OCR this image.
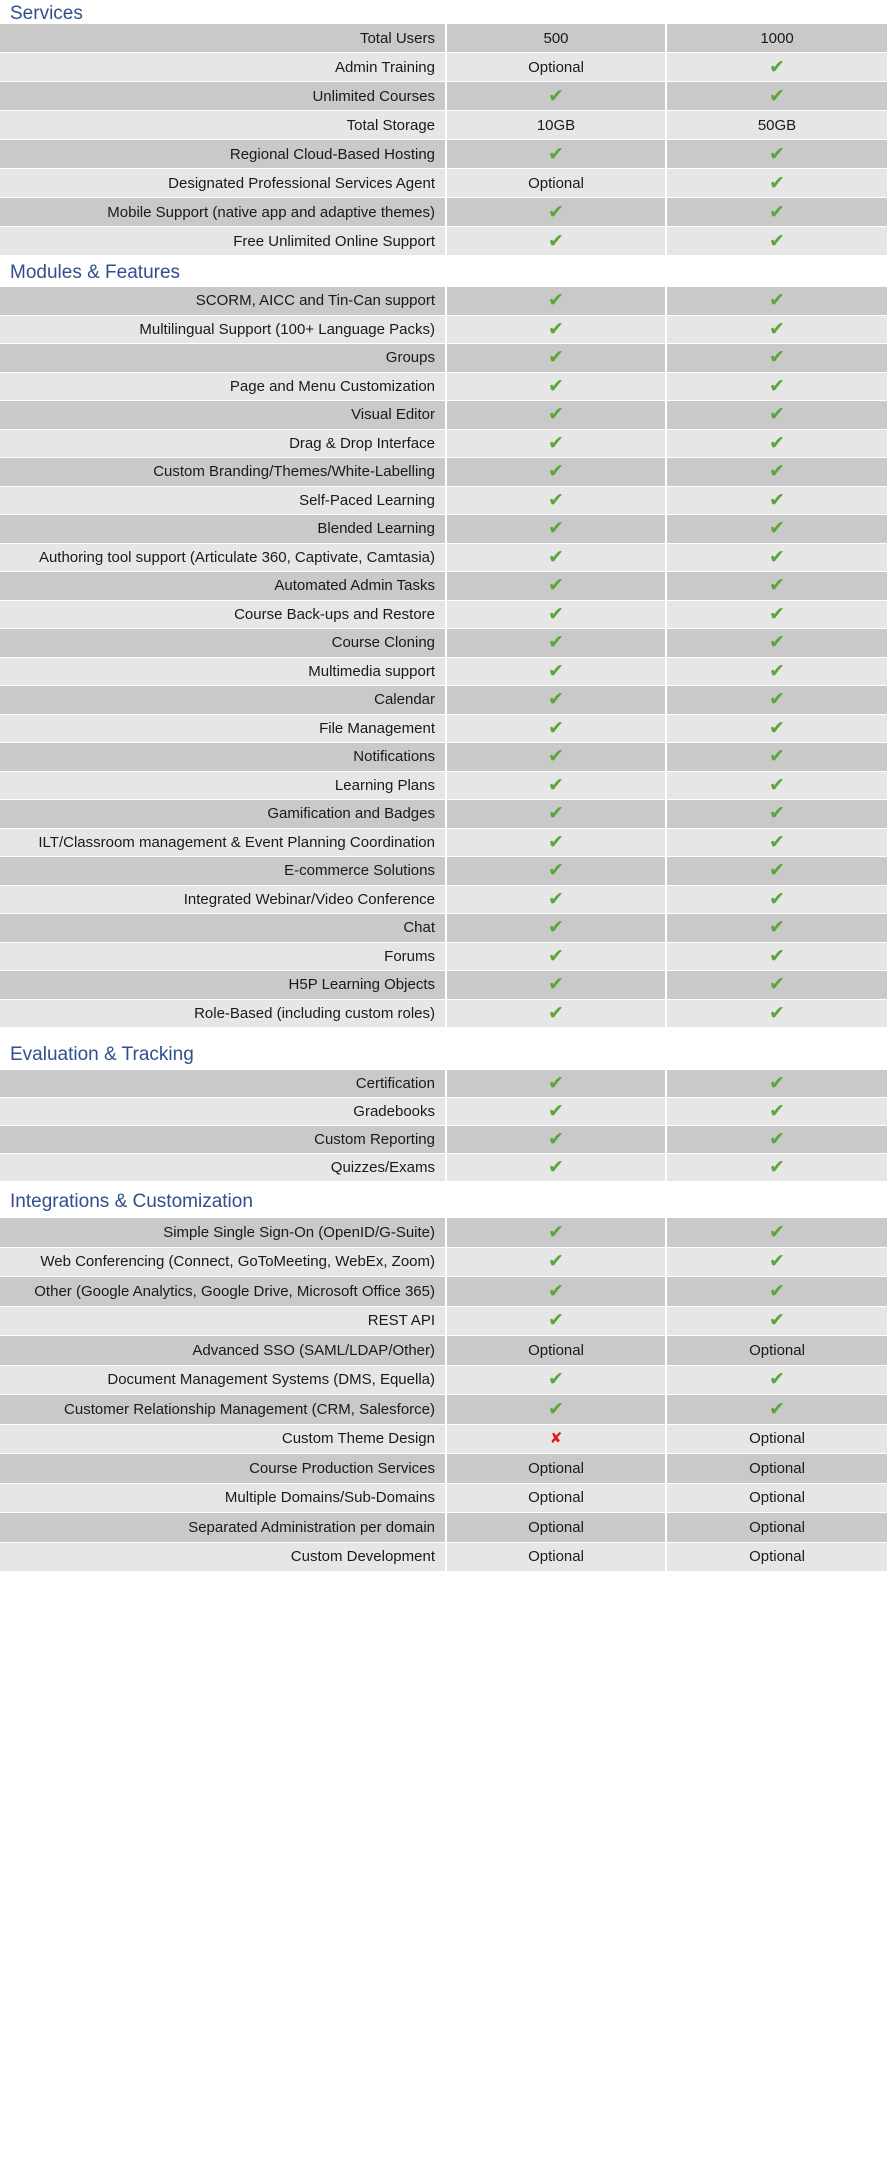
Services
Total Users	500	1000
Admin Training	Optional	✔
Unlimited Courses	✔	✔
Total Storage	10GB	50GB
Regional Cloud-Based Hosting	✔	✔
Designated Professional Services Agent	Optional	✔
Mobile Support (native app and adaptive themes)	✔	✔
Free Unlimited Online Support	✔	✔
Modules & Features
SCORM, AICC and Tin-Can support	✔	✔
Multilingual Support (100+ Language Packs)	✔	✔
Groups	✔	✔
Page and Menu Customization	✔	✔
Visual Editor	✔	✔
Drag & Drop Interface	✔	✔
Custom Branding/Themes/White-Labelling	✔	✔
Self-Paced Learning	✔	✔
Blended Learning	✔	✔
Authoring tool support (Articulate 360, Captivate, Camtasia)	✔	✔
Automated Admin Tasks	✔	✔
Course Back-ups and Restore	✔	✔
Course Cloning	✔	✔
Multimedia support	✔	✔
Calendar	✔	✔
File Management	✔	✔
Notifications	✔	✔
Learning Plans	✔	✔
Gamification and Badges	✔	✔
ILT/Classroom management & Event Planning Coordination	✔	✔
E-commerce Solutions	✔	✔
Integrated Webinar/Video Conference	✔	✔
Chat	✔	✔
Forums	✔	✔
H5P Learning Objects	✔	✔
Role-Based (including custom roles)	✔	✔
Evaluation & Tracking
Certification	✔	✔
Gradebooks	✔	✔
Custom Reporting	✔	✔
Quizzes/Exams	✔	✔
Integrations & Customization
Simple Single Sign-On (OpenID/G-Suite)	✔	✔
Web Conferencing (Connect, GoToMeeting, WebEx, Zoom)	✔	✔
Other (Google Analytics, Google Drive, Microsoft Office 365)	✔	✔
REST API	✔	✔
Advanced SSO (SAML/LDAP/Other)	Optional	Optional
Document Management Systems (DMS, Equella)	✔	✔
Customer Relationship Management (CRM, Salesforce)	✔	✔
Custom Theme Design	✘	Optional
Course Production Services	Optional	Optional
Multiple Domains/Sub-Domains	Optional	Optional
Separated Administration per domain	Optional	Optional
Custom Development	Optional	Optional
